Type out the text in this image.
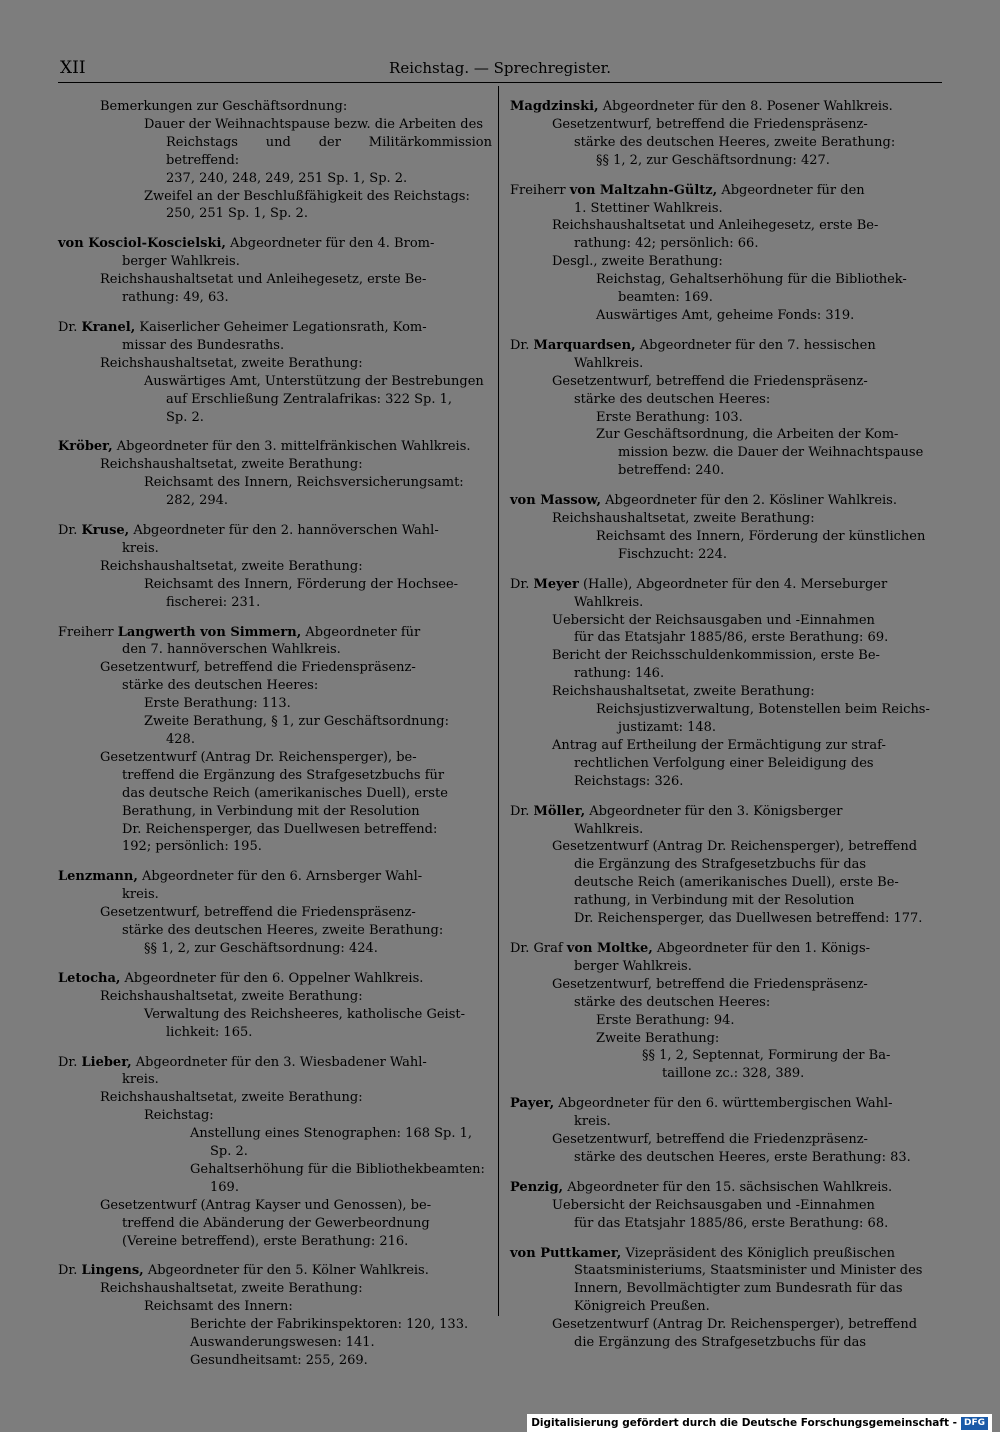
XII	Reichstag. — Sprechregister.
Bemerkungen zur Geschäftsordnung:
Dauer der Weihnachtspause bezw. die Arbeiten des
Reichstags und der Militärkommission betreffend:
237, 240, 248, 249, 251 Sp. 1, Sp. 2.
Zweifel an der Beschlußfähigkeit des Reichstags:
250, 251 Sp. 1, Sp. 2.
von Kosciol-Koscielski, Abgeordneter für den 4. Brom-
berger Wahlkreis.
Reichshaushaltsetat und Anleihegesetz, erste Be-
rathung: 49, 63.
Dr. Kranel, Kaiserlicher Geheimer Legationsrath, Kom-
missar des Bundesraths.
Reichshaushaltsetat, zweite Berathung:
Auswärtiges Amt, Unterstützung der Bestrebungen
auf Erschließung Zentralafrikas: 322 Sp. 1,
Sp. 2.
Kröber, Abgeordneter für den 3. mittelfränkischen Wahlkreis.
Reichshaushaltsetat, zweite Berathung:
Reichsamt des Innern, Reichsversicherungsamt:
282, 294.
Dr. Kruse, Abgeordneter für den 2. hannöverschen Wahl-
kreis.
Reichshaushaltsetat, zweite Berathung:
Reichsamt des Innern, Förderung der Hochsee-
fischerei: 231.
Freiherr Langwerth von Simmern, Abgeordneter für
den 7. hannöverschen Wahlkreis.
Gesetzentwurf, betreffend die Friedenspräsenz-
stärke des deutschen Heeres:
Erste Berathung: 113.
Zweite Berathung, § 1, zur Geschäftsordnung:
428.
Gesetzentwurf (Antrag Dr. Reichensperger), be-
treffend die Ergänzung des Strafgesetzbuchs für
das deutsche Reich (amerikanisches Duell), erste
Berathung, in Verbindung mit der Resolution
Dr. Reichensperger, das Duellwesen betreffend:
192; persönlich: 195.
Lenzmann, Abgeordneter für den 6. Arnsberger Wahl-
kreis.
Gesetzentwurf, betreffend die Friedenspräsenz-
stärke des deutschen Heeres, zweite Berathung:
§§ 1, 2, zur Geschäftsordnung: 424.
Letocha, Abgeordneter für den 6. Oppelner Wahlkreis.
Reichshaushaltsetat, zweite Berathung:
Verwaltung des Reichsheeres, katholische Geist-
lichkeit: 165.
Dr. Lieber, Abgeordneter für den 3. Wiesbadener Wahl-
kreis.
Reichshaushaltsetat, zweite Berathung:
Reichstag:
Anstellung eines Stenographen: 168 Sp. 1,
Sp. 2.
Gehaltserhöhung für die Bibliothekbeamten:
169.
Gesetzentwurf (Antrag Kayser und Genossen), be-
treffend die Abänderung der Gewerbeordnung
(Vereine betreffend), erste Berathung: 216.
Dr. Lingens, Abgeordneter für den 5. Kölner Wahlkreis.
Reichshaushaltsetat, zweite Berathung:
Reichsamt des Innern:
Berichte der Fabrikinspektoren: 120, 133.
Auswanderungswesen: 141.
Gesundheitsamt: 255, 269.
Magdzinski, Abgeordneter für den 8. Posener Wahlkreis.
Gesetzentwurf, betreffend die Friedenspräsenz-
stärke des deutschen Heeres, zweite Berathung:
§§ 1, 2, zur Geschäftsordnung: 427.
Freiherr von Maltzahn-Gültz, Abgeordneter für den
1. Stettiner Wahlkreis.
Reichshaushaltsetat und Anleihegesetz, erste Be-
rathung: 42; persönlich: 66.
Desgl., zweite Berathung:
Reichstag, Gehaltserhöhung für die Bibliothek-
beamten: 169.
Auswärtiges Amt, geheime Fonds: 319.
Dr. Marquardsen, Abgeordneter für den 7. hessischen
Wahlkreis.
Gesetzentwurf, betreffend die Friedenspräsenz-
stärke des deutschen Heeres:
Erste Berathung: 103.
Zur Geschäftsordnung, die Arbeiten der Kom-
mission bezw. die Dauer der Weihnachtspause
betreffend: 240.
von Massow, Abgeordneter für den 2. Kösliner Wahlkreis.
Reichshaushaltsetat, zweite Berathung:
Reichsamt des Innern, Förderung der künstlichen
Fischzucht: 224.
Dr. Meyer (Halle), Abgeordneter für den 4. Merseburger
Wahlkreis.
Uebersicht der Reichsausgaben und -Einnahmen
für das Etatsjahr 1885/86, erste Berathung: 69.
Bericht der Reichsschuldenkommission, erste Be-
rathung: 146.
Reichshaushaltsetat, zweite Berathung:
Reichsjustizverwaltung, Botenstellen beim Reichs-
justizamt: 148.
Antrag auf Ertheilung der Ermächtigung zur straf-
rechtlichen Verfolgung einer Beleidigung des
Reichstags: 326.
Dr. Möller, Abgeordneter für den 3. Königsberger
Wahlkreis.
Gesetzentwurf (Antrag Dr. Reichensperger), betreffend
die Ergänzung des Strafgesetzbuchs für das
deutsche Reich (amerikanisches Duell), erste Be-
rathung, in Verbindung mit der Resolution
Dr. Reichensperger, das Duellwesen betreffend: 177.
Dr. Graf von Moltke, Abgeordneter für den 1. Königs-
berger Wahlkreis.
Gesetzentwurf, betreffend die Friedenspräsenz-
stärke des deutschen Heeres:
Erste Berathung: 94.
Zweite Berathung:
§§ 1, 2, Septennat, Formirung der Ba-
taillone zc.: 328, 389.
Payer, Abgeordneter für den 6. württembergischen Wahl-
kreis.
Gesetzentwurf, betreffend die Friedenzpräsenz-
stärke des deutschen Heeres, erste Berathung: 83.
Penzig, Abgeordneter für den 15. sächsischen Wahlkreis.
Uebersicht der Reichsausgaben und -Einnahmen
für das Etatsjahr 1885/86, erste Berathung: 68.
von Puttkamer, Vizepräsident des Königlich preußischen
Staatsministeriums, Staatsminister und Minister des
Innern, Bevollmächtigter zum Bundesrath für das
Königreich Preußen.
Gesetzentwurf (Antrag Dr. Reichensperger), betreffend
die Ergänzung des Strafgesetzbuchs für das
Digitalisierung gefördert durch die Deutsche Forschungsgemeinschaft - DFG
